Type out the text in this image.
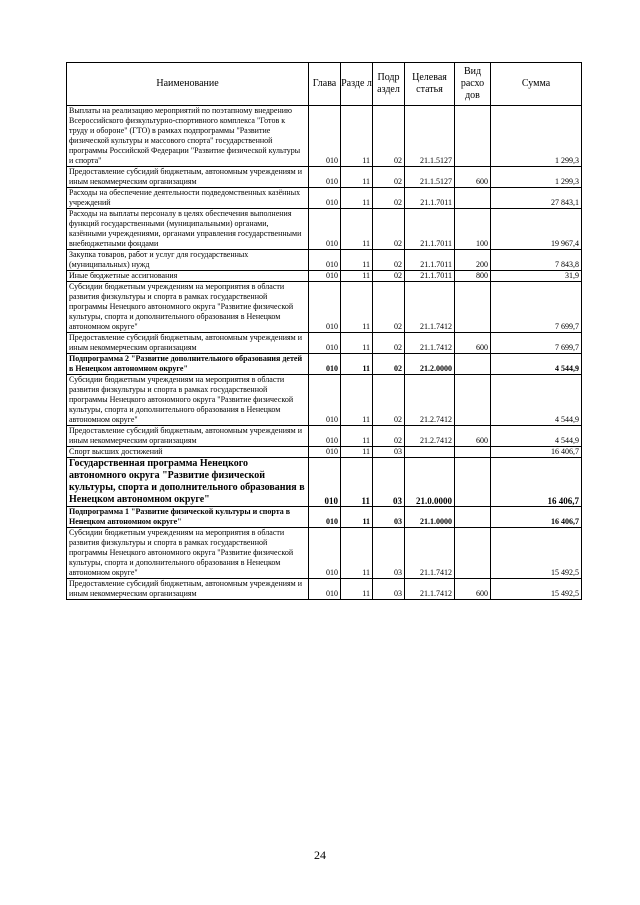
Наименование	Глава	Разде л	Подр аздел	Целевая статья	Вид расхо дов	Сумма
Выплаты на реализацию мероприятий по поэтапному внедрению Всероссийского физкультурно-спортивного комплекса "Готов к труду и обороне" (ГТО) в рамках подпрограммы "Развитие физической культуры и массового спорта" государственной программы Российской Федерации "Развитие физической культуры и спорта"	010	11	02	21.1.5127		1 299,3
Предоставление субсидий бюджетным, автономным учреждениям и иным некоммерческим организациям	010	11	02	21.1.5127	600	1 299,3
Расходы на обеспечение деятельности подведомственных казённых учреждений	010	11	02	21.1.7011		27 843,1
Расходы на выплаты персоналу в целях обеспечения выполнения функций государственными (муниципальными) органами, казёнными учреждениями, органами управления государственными внебюджетными фондами	010	11	02	21.1.7011	100	19 967,4
Закупка товаров, работ и услуг для государственных (муниципальных) нужд	010	11	02	21.1.7011	200	7 843,8
Иные бюджетные ассигнования	010	11	02	21.1.7011	800	31,9
Субсидии бюджетным учреждениям на мероприятия в области развития физкультуры и спорта в рамках государственной программы Ненецкого автономного округа "Развитие физической культуры, спорта и дополнительного образования в Ненецком автономном округе"	010	11	02	21.1.7412		7 699,7
Предоставление субсидий бюджетным, автономным учреждениям и иным некоммерческим организациям	010	11	02	21.1.7412	600	7 699,7
Подпрограмма 2 "Развитие дополнительного образования детей в Ненецком автономном округе"	010	11	02	21.2.0000		4 544,9
Субсидии бюджетным учреждениям на мероприятия в области развития физкультуры и спорта в рамках государственной программы Ненецкого автономного округа "Развитие физической культуры, спорта и дополнительного образования в Ненецком автономном округе"	010	11	02	21.2.7412		4 544,9
Предоставление субсидий бюджетным, автономным учреждениям и иным некоммерческим организациям	010	11	02	21.2.7412	600	4 544,9
Спорт высших достижений	010	11	03			16 406,7
Государственная программа Ненецкого автономного округа "Развитие физической культуры, спорта и дополнительного образования в Ненецком автономном округе"	010	11	03	21.0.0000		16 406,7
Подпрограмма 1 "Развитие физической культуры и спорта в Ненецком автономном округе"	010	11	03	21.1.0000		16 406,7
Субсидии бюджетным учреждениям на мероприятия в области развития физкультуры и спорта в рамках государственной программы Ненецкого автономного округа "Развитие физической культуры, спорта и дополнительного образования в Ненецком автономном округе"	010	11	03	21.1.7412		15 492,5
Предоставление субсидий бюджетным, автономным учреждениям и иным некоммерческим организациям	010	11	03	21.1.7412	600	15 492,5
24
